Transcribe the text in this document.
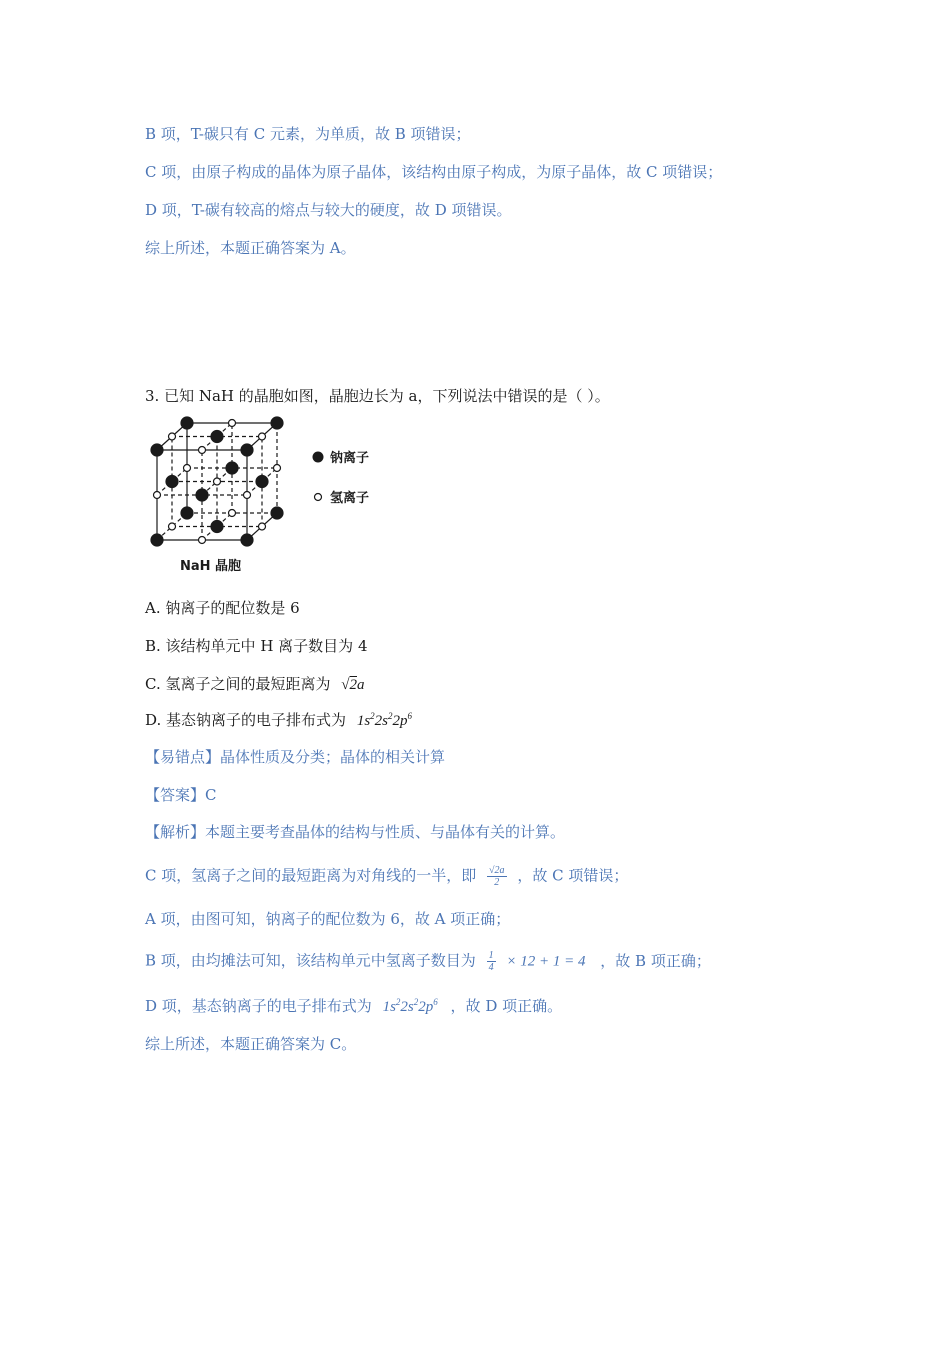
B 项，T-碳只有 C 元素，为单质，故 B 项错误；
C 项，由原子构成的晶体为原子晶体，该结构由原子构成，为原子晶体，故 C 项错误；
D 项，T-碳有较高的熔点与较大的硬度，故 D 项错误。
综上所述，本题正确答案为 A。
3. 已知 NaH 的晶胞如图，晶胞边长为 a，下列说法中错误的是（ ）。
钠离子
氢离子
NaH 晶胞
A. 钠离子的配位数是 6
B. 该结构单元中 H 离子数目为 4
C. 氢离子之间的最短距离为 √2a
D. 基态钠离子的电子排布式为 $1s^22s^22p^6$
【易错点】晶体性质及分类；晶体的相关计算
【答案】C
【解析】本题主要考查晶体的结构与性质、与晶体有关的计算。
C 项，氢离子之间的最短距离为对角线的一半，即 $\frac{√2a}{2}$ ，故 C 项错误；
A 项，由图可知，钠离子的配位数为 6，故 A 项正确；
B 项，由均摊法可知，该结构单元中氢离子数目为 $\frac{1}{4} \times 12 + 1 = 4$ ，故 B 项正确；
D 项，基态钠离子的电子排布式为 $1s^22s^22p^6$ ，故 D 项正确。
综上所述，本题正确答案为 C。
